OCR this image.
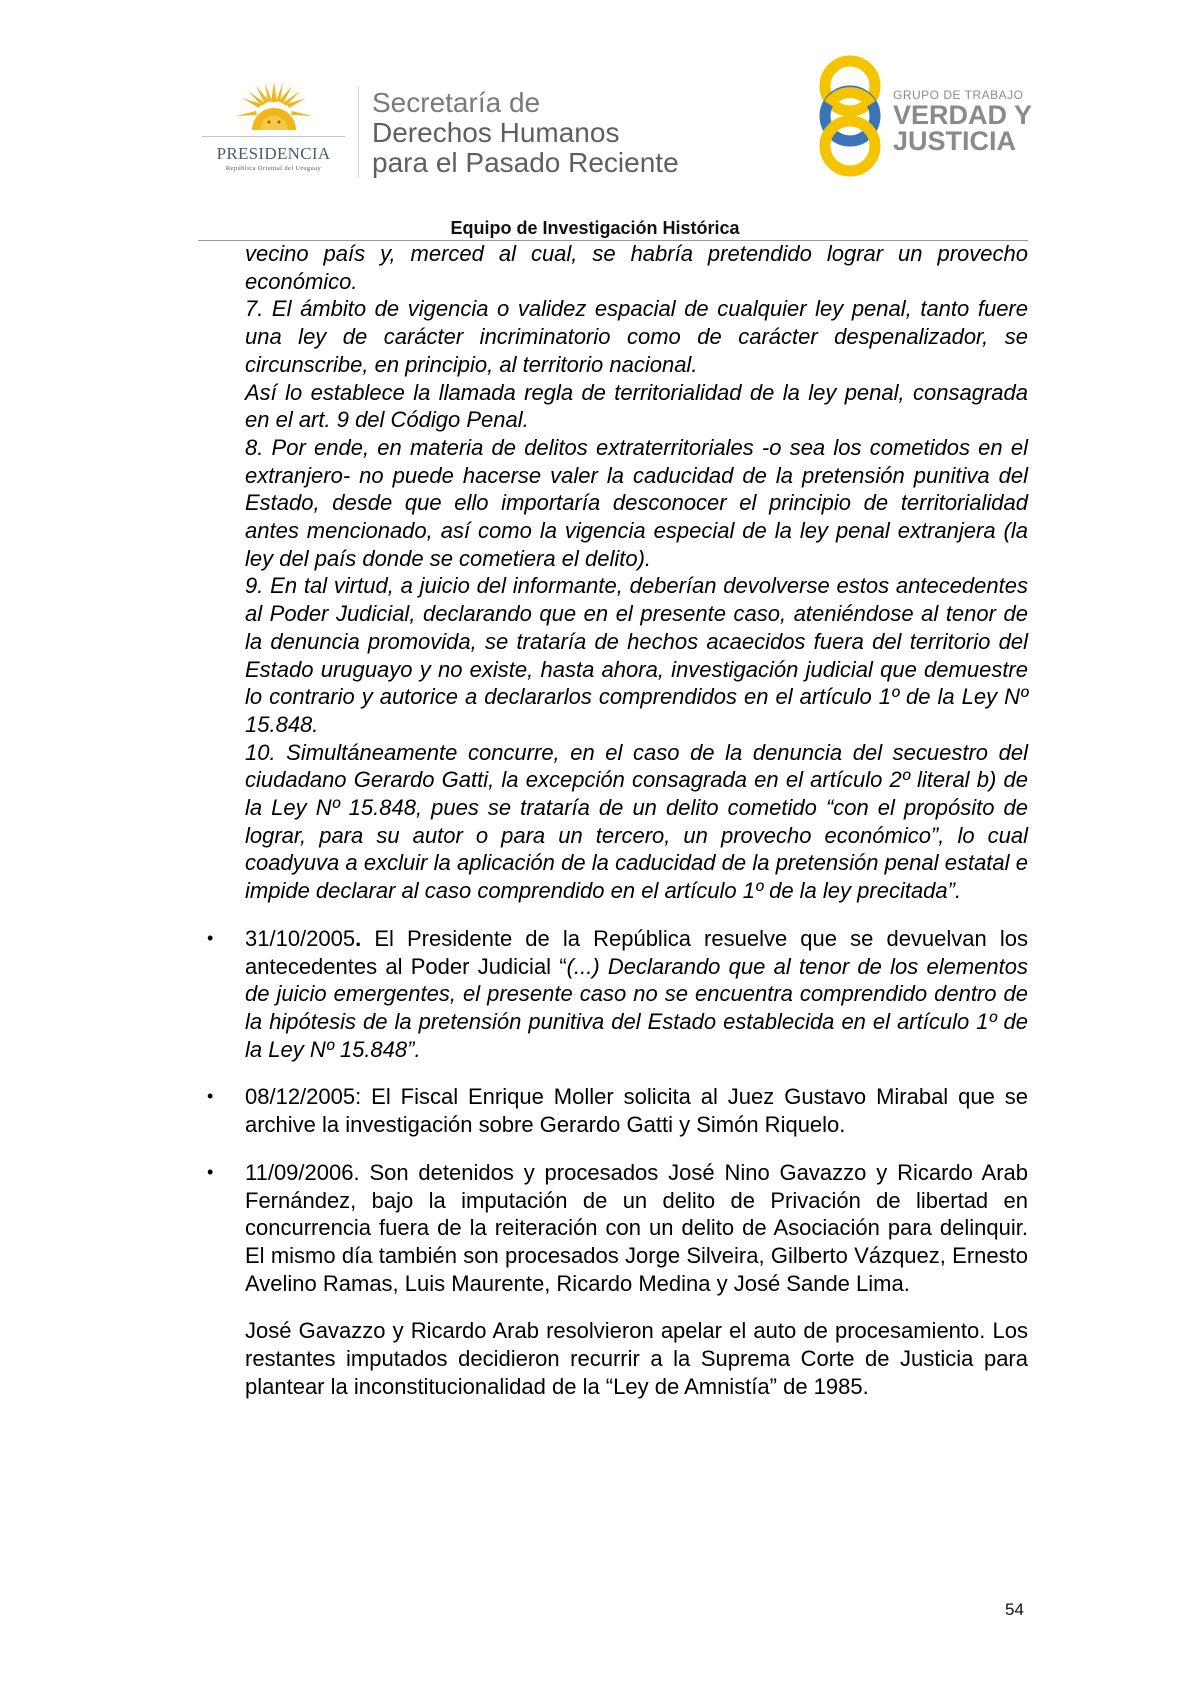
PRESIDENCIA
República Oriental del Uruguay
Secretaría de
Derechos Humanos
para el Pasado Reciente
GRUPO DE TRABAJO
VERDAD Y
JUSTICIA
Equipo de Investigación Histórica

vecino país y, merced al cual, se habría pretendido lograr un provecho económico.

7. El ámbito de vigencia o validez espacial de cualquier ley penal, tanto fuere una ley de carácter incriminatorio como de carácter despenalizador, se circunscribe, en principio, al territorio nacional.

Así lo establece la llamada regla de territorialidad de la ley penal, consagrada en el art. 9 del Código Penal.

8. Por ende, en materia de delitos extraterritoriales -o sea los cometidos en el extranjero- no puede hacerse valer la caducidad de la pretensión punitiva del Estado, desde que ello importaría desconocer el principio de territorialidad antes mencionado, así como la vigencia especial de la ley penal extranjera (la ley del país donde se cometiera el delito).

9. En tal virtud, a juicio del informante, deberían devolverse estos antecedentes al Poder Judicial, declarando que en el presente caso, ateniéndose al tenor de la denuncia promovida, se trataría de hechos acaecidos fuera del territorio del Estado uruguayo y no existe, hasta ahora, investigación judicial que demuestre lo contrario y autorice a declararlos comprendidos en el artículo 1º de la Ley Nº 15.848.

10. Simultáneamente concurre, en el caso de la denuncia del secuestro del ciudadano Gerardo Gatti, la excepción consagrada en el artículo 2º literal b) de la Ley Nº 15.848, pues se trataría de un delito cometido “con el propósito de lograr, para su autor o para un tercero, un provecho económico”, lo cual coadyuva a excluir la aplicación de la caducidad de la pretensión penal estatal e impide declarar al caso comprendido en el artículo 1º de la ley precitada”.

• 31/10/2005. El Presidente de la República resuelve que se devuelvan los antecedentes al Poder Judicial “(...) Declarando que al tenor de los elementos de juicio emergentes, el presente caso no se encuentra comprendido dentro de la hipótesis de la pretensión punitiva del Estado establecida en el artículo 1º de la Ley Nº 15.848”.

• 08/12/2005: El Fiscal Enrique Moller solicita al Juez Gustavo Mirabal que se archive la investigación sobre Gerardo Gatti y Simón Riquelo.

• 11/09/2006. Son detenidos y procesados José Nino Gavazzo y Ricardo Arab Fernández, bajo la imputación de un delito de Privación de libertad en concurrencia fuera de la reiteración con un delito de Asociación para delinquir. El mismo día también son procesados Jorge Silveira, Gilberto Vázquez, Ernesto Avelino Ramas, Luis Maurente, Ricardo Medina y José Sande Lima.

José Gavazzo y Ricardo Arab resolvieron apelar el auto de procesamiento. Los restantes imputados decidieron recurrir a la Suprema Corte de Justicia para plantear la inconstitucionalidad de la “Ley de Amnistía” de 1985.

54
